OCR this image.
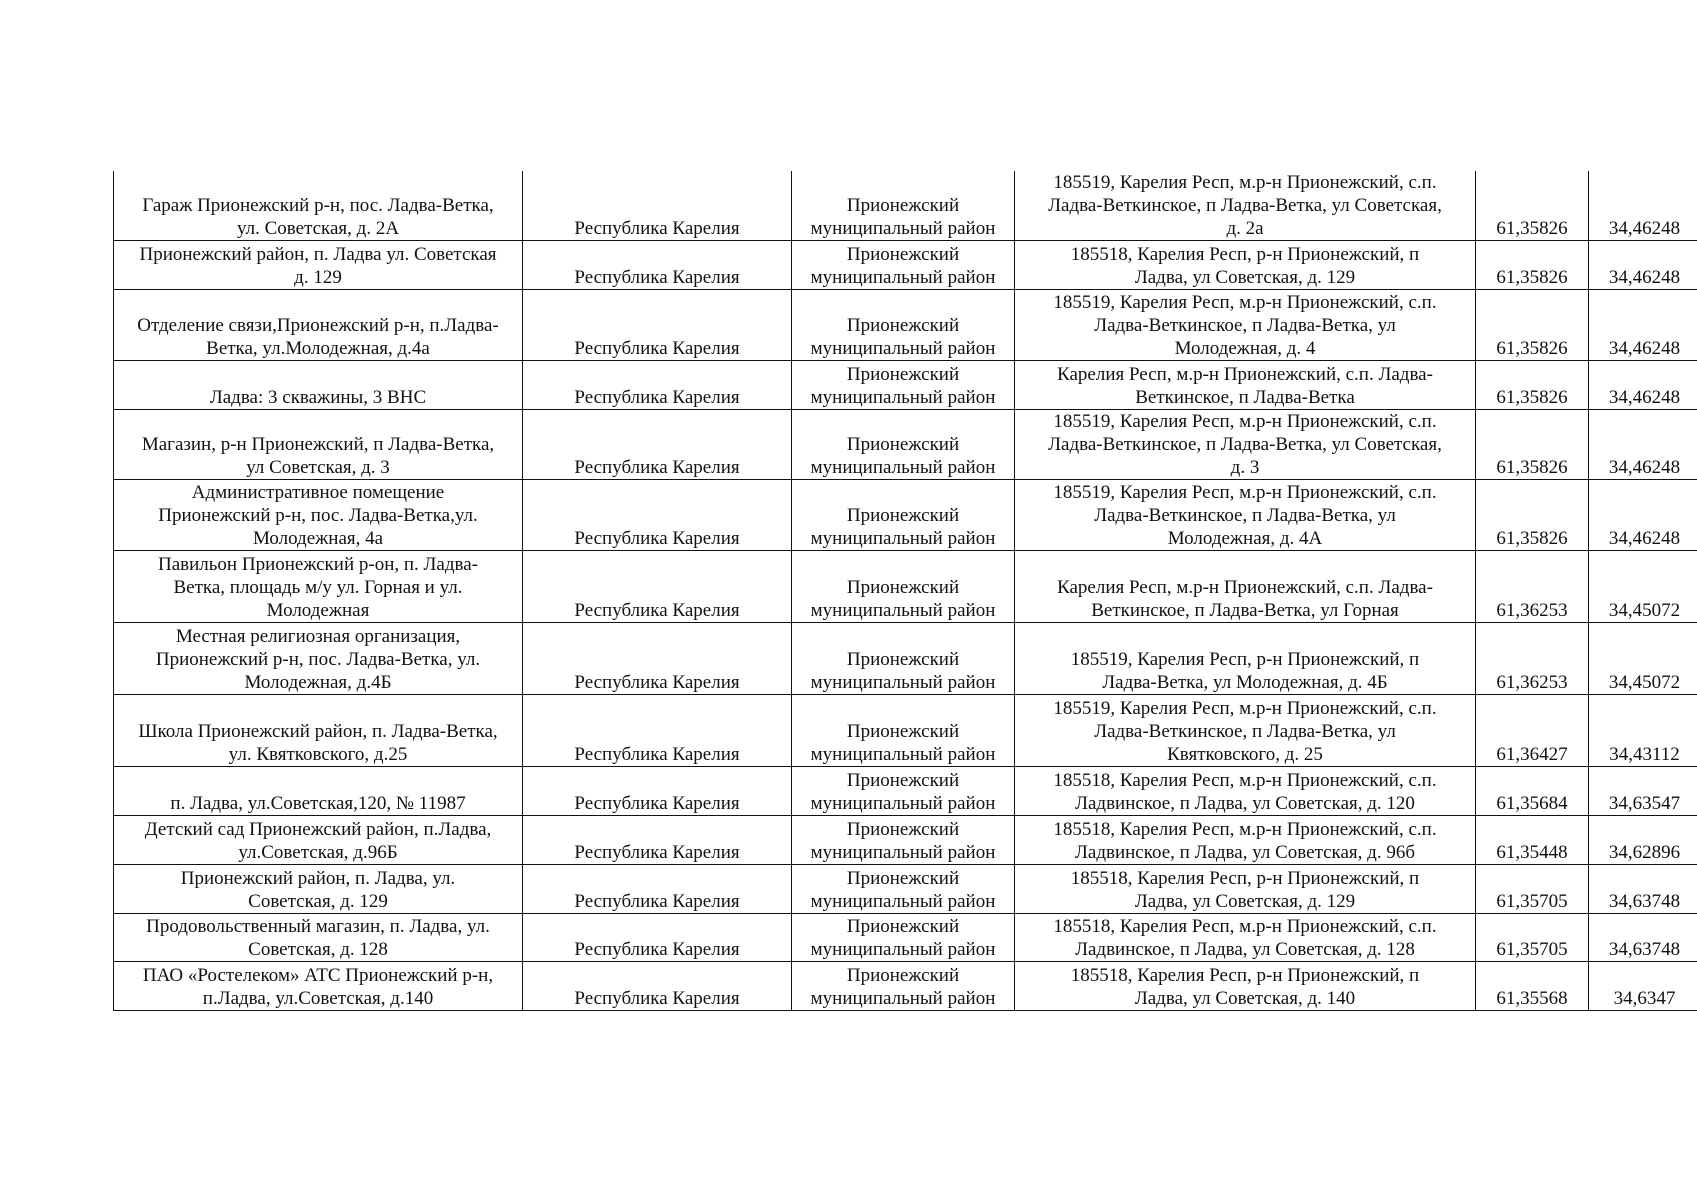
Гараж Прионежский р-н, пос. Ладва-Ветка,
ул. Советская, д. 2А	Республика Карелия	Прионежский
муниципальный район	185519, Карелия Респ, м.р-н Прионежский, с.п.
Ладва-Веткинское, п Ладва-Ветка, ул Советская,
д. 2а	61,35826	34,46248

Прионежский район, п. Ладва ул. Советская
д. 129	Республика Карелия	Прионежский
муниципальный район	185518, Карелия Респ, р-н Прионежский, п
Ладва, ул Советская, д. 129	61,35826	34,46248

Отделение связи,Прионежский р-н, п.Ладва-
Ветка, ул.Молодежная, д.4а	Республика Карелия	Прионежский
муниципальный район	185519, Карелия Респ, м.р-н Прионежский, с.п.
Ладва-Веткинское, п Ладва-Ветка, ул
Молодежная, д. 4	61,35826	34,46248

Ладва: 3 скважины, 3 ВНС	Республика Карелия	Прионежский
муниципальный район	Карелия Респ, м.р-н Прионежский, с.п. Ладва-
Веткинское, п Ладва-Ветка	61,35826	34,46248

Магазин, р-н Прионежский, п Ладва-Ветка,
ул Советская, д. 3	Республика Карелия	Прионежский
муниципальный район	185519, Карелия Респ, м.р-н Прионежский, с.п.
Ладва-Веткинское, п Ладва-Ветка, ул Советская,
д. 3	61,35826	34,46248

Административное помещение
Прионежский р-н, пос. Ладва-Ветка,ул.
Молодежная, 4а	Республика Карелия	Прионежский
муниципальный район	185519, Карелия Респ, м.р-н Прионежский, с.п.
Ладва-Веткинское, п Ладва-Ветка, ул
Молодежная, д. 4А	61,35826	34,46248

Павильон Прионежский р-он, п. Ладва-
Ветка, площадь м/у ул. Горная и ул.
Молодежная	Республика Карелия	Прионежский
муниципальный район	Карелия Респ, м.р-н Прионежский, с.п. Ладва-
Веткинское, п Ладва-Ветка, ул Горная	61,36253	34,45072

Местная религиозная организация,
Прионежский р-н, пос. Ладва-Ветка, ул.
Молодежная, д.4Б	Республика Карелия	Прионежский
муниципальный район	185519, Карелия Респ, р-н Прионежский, п
Ладва-Ветка, ул Молодежная, д. 4Б	61,36253	34,45072

Школа Прионежский район, п. Ладва-Ветка,
ул. Квятковского, д.25	Республика Карелия	Прионежский
муниципальный район	185519, Карелия Респ, м.р-н Прионежский, с.п.
Ладва-Веткинское, п Ладва-Ветка, ул
Квятковского, д. 25	61,36427	34,43112

п. Ладва, ул.Советская,120, № 11987	Республика Карелия	Прионежский
муниципальный район	185518, Карелия Респ, м.р-н Прионежский, с.п.
Ладвинское, п Ладва, ул Советская, д. 120	61,35684	34,63547

Детский сад Прионежский район, п.Ладва,
ул.Советская, д.96Б	Республика Карелия	Прионежский
муниципальный район	185518, Карелия Респ, м.р-н Прионежский, с.п.
Ладвинское, п Ладва, ул Советская, д. 96б	61,35448	34,62896

Прионежский район, п. Ладва, ул.
Советская, д. 129	Республика Карелия	Прионежский
муниципальный район	185518, Карелия Респ, р-н Прионежский, п
Ладва, ул Советская, д. 129	61,35705	34,63748

Продовольственный магазин, п. Ладва, ул.
Советская, д. 128	Республика Карелия	Прионежский
муниципальный район	185518, Карелия Респ, м.р-н Прионежский, с.п.
Ладвинское, п Ладва, ул Советская, д. 128	61,35705	34,63748

ПАО «Ростелеком» АТС Прионежский р-н,
п.Ладва, ул.Советская, д.140	Республика Карелия	Прионежский
муниципальный район	185518, Карелия Респ, р-н Прионежский, п
Ладва, ул Советская, д. 140	61,35568	34,6347
